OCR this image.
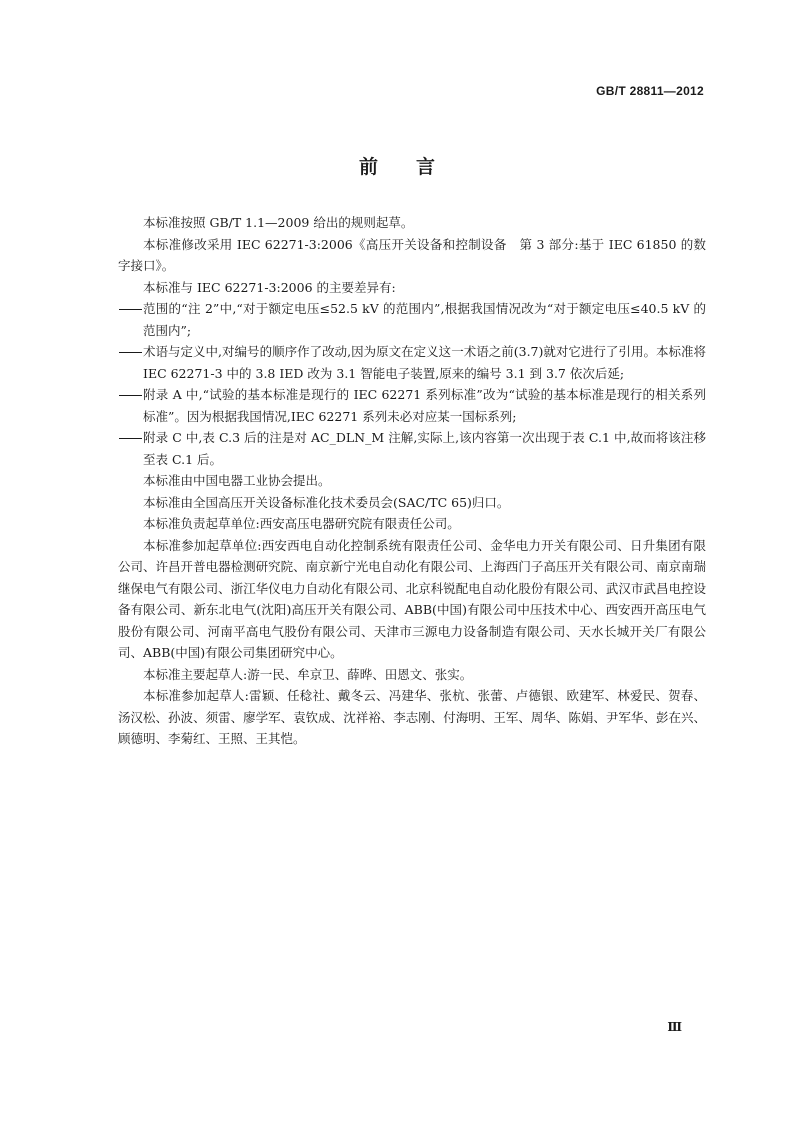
GB/T 28811—2012
前言

本标准按照 GB/T 1.1—2009 给出的规则起草。

本标准修改采用 IEC 62271-3:2006《高压开关设备和控制设备　第 3 部分:基于 IEC 61850 的数字接口》。

本标准与 IEC 62271-3:2006 的主要差异有:

范围的“注 2”中,“对于额定电压≤52.5 kV 的范围内”,根据我国情况改为“对于额定电压≤40.5 kV 的范围内”;

术语与定义中,对编号的顺序作了改动,因为原文在定义这一术语之前(3.7)就对它进行了引用。本标准将 IEC 62271-3 中的 3.8 IED 改为 3.1 智能电子装置,原来的编号 3.1 到 3.7 依次后延;

附录 A 中,“试验的基本标准是现行的 IEC 62271 系列标准”改为“试验的基本标准是现行的相关系列标准”。因为根据我国情况,IEC 62271 系列未必对应某一国标系列;

附录 C 中,表 C.3 后的注是对 AC_DLN_M 注解,实际上,该内容第一次出现于表 C.1 中,故而将该注移至表 C.1 后。

本标准由中国电器工业协会提出。

本标准由全国高压开关设备标准化技术委员会(SAC/TC 65)归口。

本标准负责起草单位:西安高压电器研究院有限责任公司。

本标准参加起草单位:西安西电自动化控制系统有限责任公司、金华电力开关有限公司、日升集团有限公司、许昌开普电器检测研究院、南京新宁光电自动化有限公司、上海西门子高压开关有限公司、南京南瑞继保电气有限公司、浙江华仪电力自动化有限公司、北京科锐配电自动化股份有限公司、武汉市武昌电控设备有限公司、新东北电气(沈阳)高压开关有限公司、ABB(中国)有限公司中压技术中心、西安西开高压电气股份有限公司、河南平高电气股份有限公司、天津市三源电力设备制造有限公司、天水长城开关厂有限公司、ABB(中国)有限公司集团研究中心。

本标准主要起草人:游一民、牟京卫、薛晔、田恩文、张实。

本标准参加起草人:雷颖、任稔社、戴冬云、冯建华、张杭、张蕾、卢德银、欧建军、林爱民、贺春、汤汉松、孙波、须雷、廖学军、袁钦成、沈祥裕、李志刚、付海明、王军、周华、陈娟、尹军华、彭在兴、顾德明、李菊红、王照、王其恺。

Ⅲ
